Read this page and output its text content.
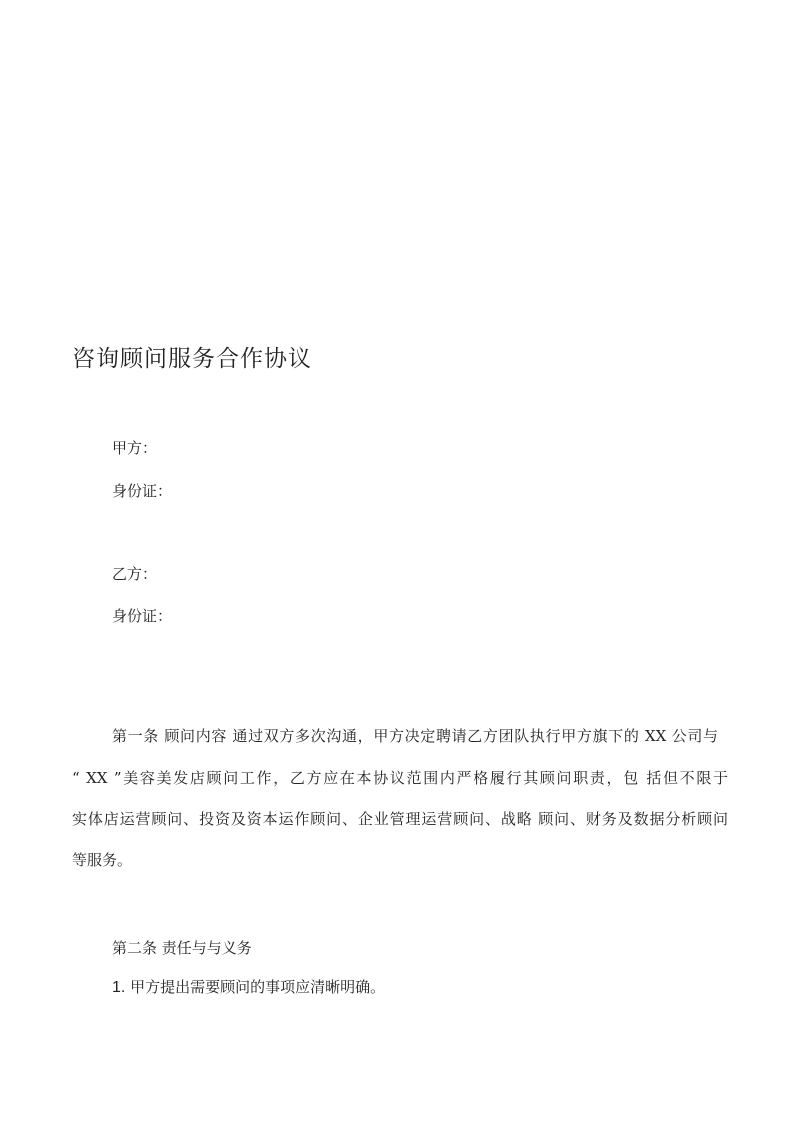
咨询顾问服务合作协议

甲方：

身份证：

乙方：

身份证：

第一条 顾问内容 通过双方多次沟通，甲方决定聘请乙方团队执行甲方旗下的 XX 公司与

“ XX ”美容美发店顾问工作，乙方应在本协议范围内严格履行其顾问职责，包 括但不限于

实体店运营顾问、投资及资本运作顾问、企业管理运营顾问、战略 顾问、财务及数据分析顾问

等服务。

第二条 责任与与义务

1. 甲方提出需要顾问的事项应清晰明确。
